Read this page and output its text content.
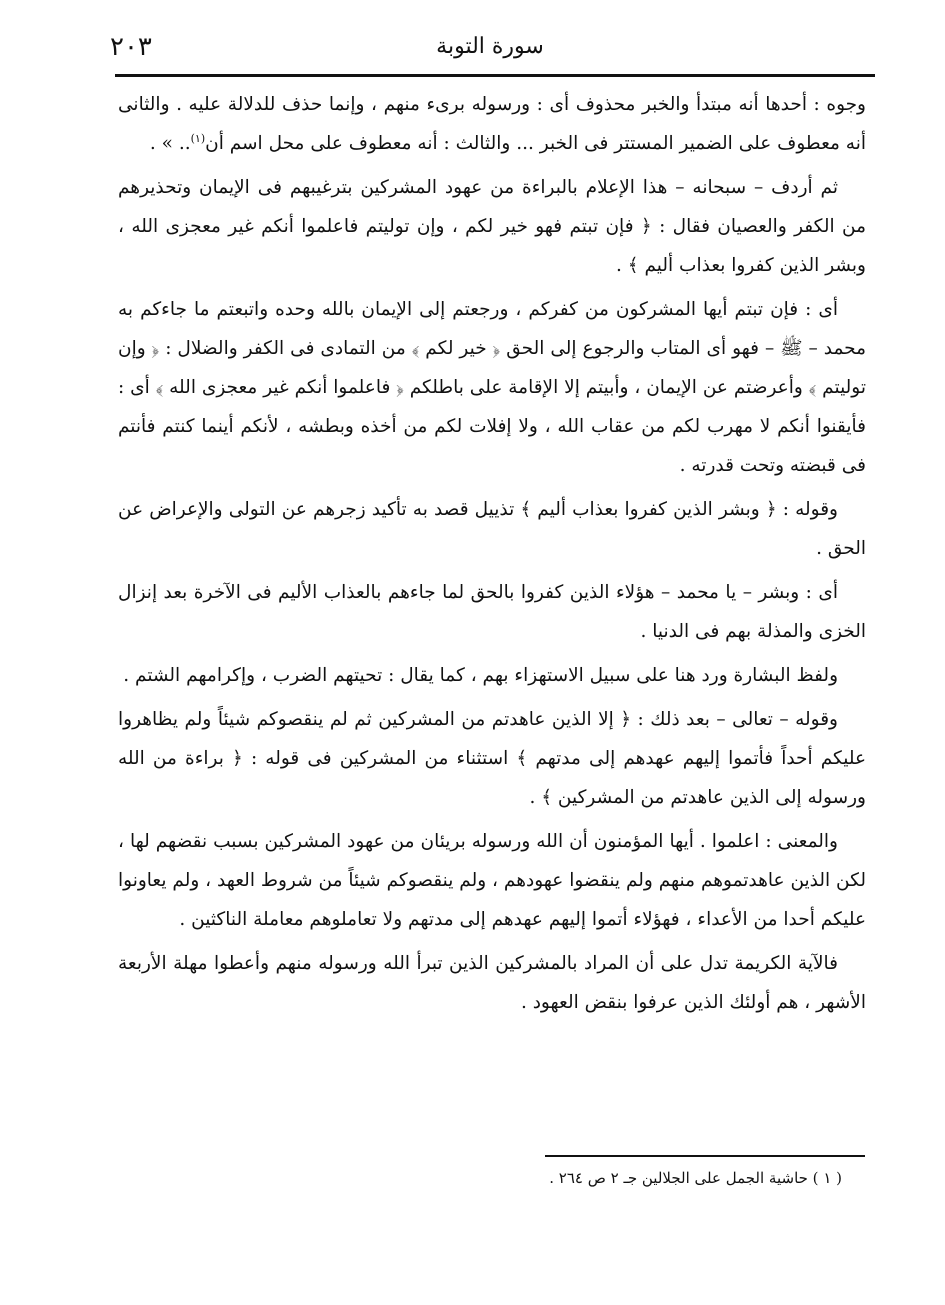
٢٠٣	سورة التوبة

وجوه : أحدها أنه مبتدأ والخبر محذوف أى : ورسوله برىء منهم ، وإنما حذف للدلالة عليه . والثانى أنه معطوف على الضمير المستتر فى الخبر ... والثالث : أنه معطوف على محل اسم أن$^{(١)}$.. » .

ثم أردف – سبحانه – هذا الإعلام بالبراءة من عهود المشركين بترغيبهم فى الإيمان وتحذيرهم من الكفر والعصيان فقال : ﴿ فإن تبتم فهو خير لكم ، وإن توليتم فاعلموا أنكم غير معجزى الله ، وبشر الذين كفروا بعذاب أليم ﴾ .

أى : فإن تبتم أيها المشركون من كفركم ، ورجعتم إلى الإيمان بالله وحده واتبعتم ما جاءكم به محمد – ﷺ – فهو أى المتاب والرجوع إلى الحق ﴿ خير لكم ﴾ من التمادى فى الكفر والضلال : ﴿ وإن توليتم ﴾ وأعرضتم عن الإيمان ، وأبيتم إلا الإقامة على باطلكم ﴿ فاعلموا أنكم غير معجزى الله ﴾ أى : فأيقنوا أنكم لا مهرب لكم من عقاب الله ، ولا إفلات لكم من أخذه وبطشه ، لأنكم أينما كنتم فأنتم فى قبضته وتحت قدرته .

وقوله : ﴿ وبشر الذين كفروا بعذاب أليم ﴾ تذييل قصد به تأكيد زجرهم عن التولى والإعراض عن الحق .

أى : وبشر – يا محمد – هؤلاء الذين كفروا بالحق لما جاءهم بالعذاب الأليم فى الآخرة بعد إنزال الخزى والمذلة بهم فى الدنيا .

ولفظ البشارة ورد هنا على سبيل الاستهزاء بهم ، كما يقال : تحيتهم الضرب ، وإكرامهم الشتم .

وقوله – تعالى – بعد ذلك : ﴿ إلا الذين عاهدتم من المشركين ثم لم ينقصوكم شيئاً ولم يظاهروا عليكم أحداً فأتموا إليهم عهدهم إلى مدتهم ﴾ استثناء من المشركين فى قوله : ﴿ براءة من الله ورسوله إلى الذين عاهدتم من المشركين ﴾ .

والمعنى : اعلموا . أيها المؤمنون أن الله ورسوله بريئان من عهود المشركين بسبب نقضهم لها ، لكن الذين عاهدتموهم منهم ولم ينقضوا عهودهم ، ولم ينقصوكم شيئاً من شروط العهد ، ولم يعاونوا عليكم أحدا من الأعداء ، فهؤلاء أتموا إليهم عهدهم إلى مدتهم ولا تعاملوهم معاملة الناكثين .

فالآية الكريمة تدل على أن المراد بالمشركين الذين تبرأ الله ورسوله منهم وأعطوا مهلة الأربعة الأشهر ، هم أولئك الذين عرفوا بنقض العهود .

( ١ ) حاشية الجمل على الجلالين جـ ٢ ص ٢٦٤ .
